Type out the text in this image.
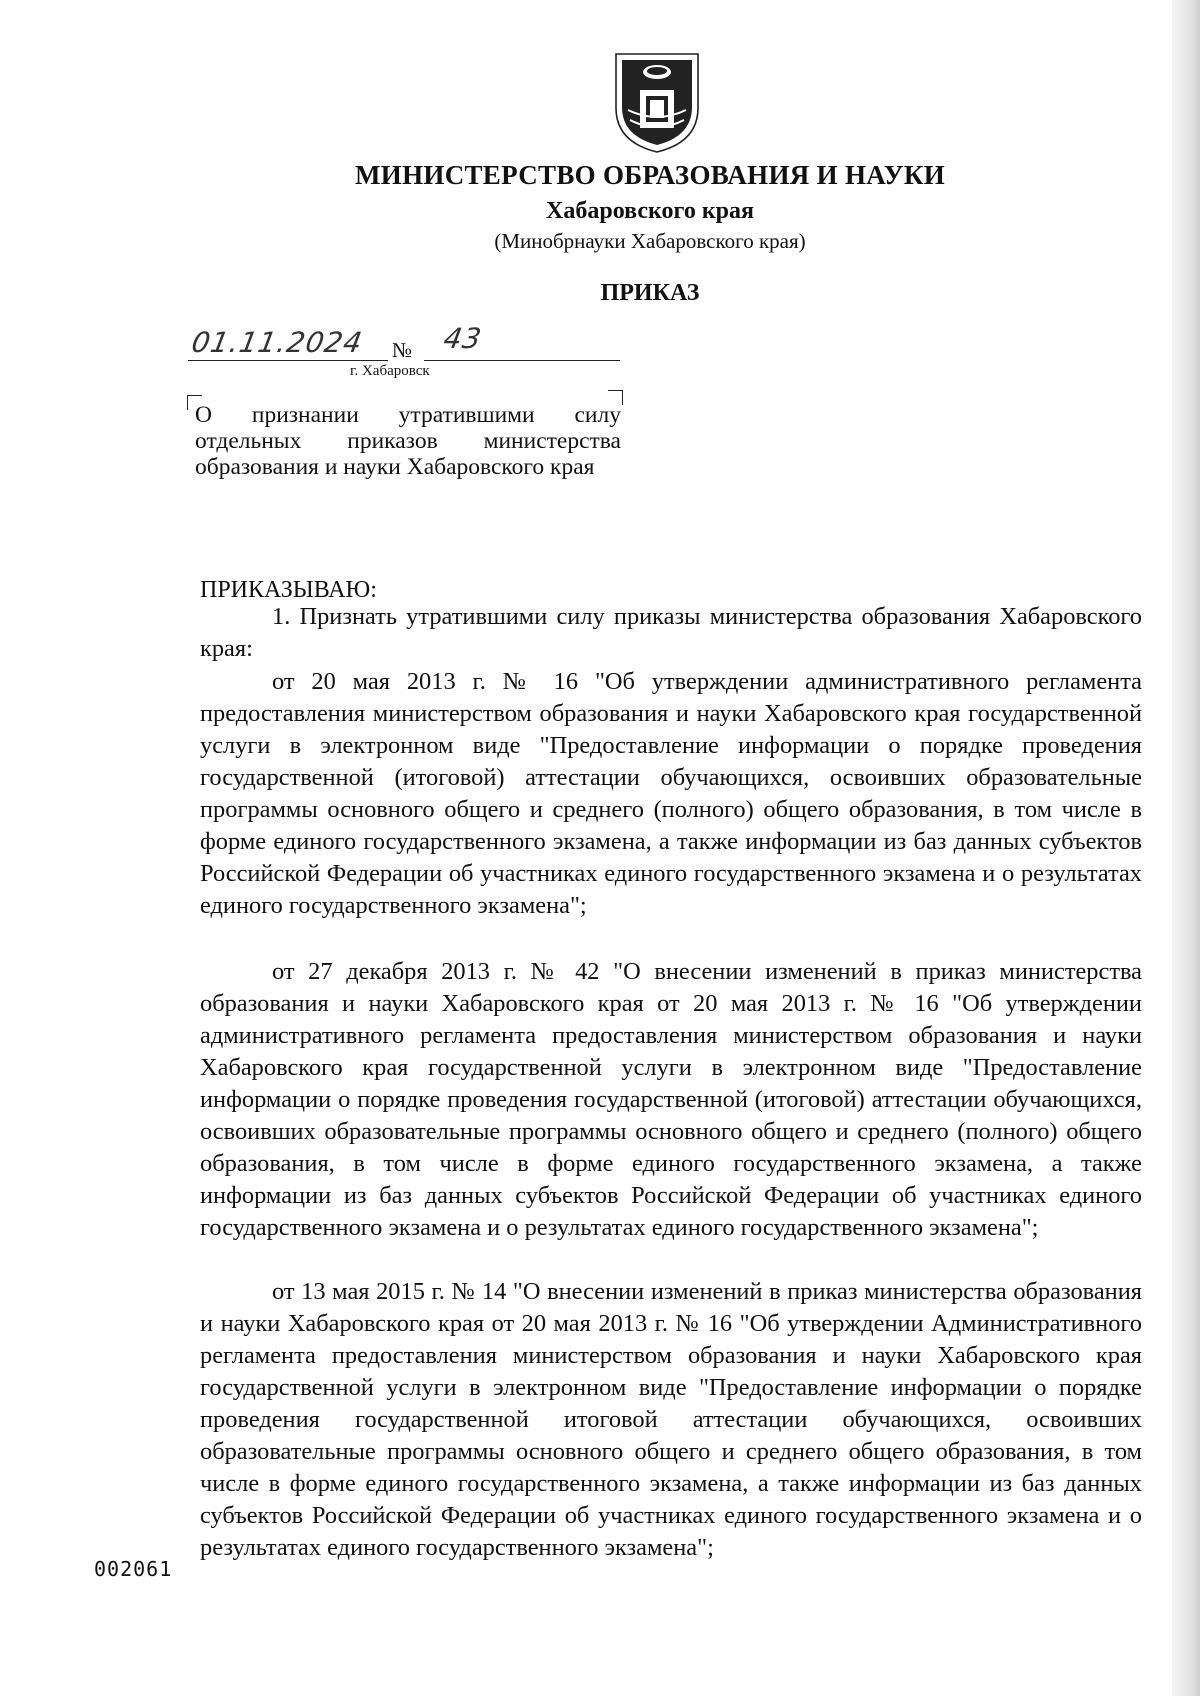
МИНИСТЕРСТВО ОБРАЗОВАНИЯ И НАУКИ
Хабаровского края
(Минобрнауки Хабаровского края)
ПРИКАЗ
01.11.2024 № 43
г. Хабаровск
О признании утратившими силу отдельных приказов министерства образования и науки Хабаровского края
ПРИКАЗЫВАЮ:

1. Признать утратившими силу приказы министерства образования Хабаровского края:

от 20 мая 2013 г. № 16 "Об утверждении административного регламента предоставления министерством образования и науки Хабаровского края государственной услуги в электронном виде "Предоставление информации о порядке проведения государственной (итоговой) аттестации обучающихся, освоивших образовательные программы основного общего и среднего (полного) общего образования, в том числе в форме единого государственного экзамена, а также информации из баз данных субъектов Российской Федерации об участниках единого государственного экзамена и о результатах единого государственного экзамена";

от 27 декабря 2013 г. № 42 "О внесении изменений в приказ министерства образования и науки Хабаровского края от 20 мая 2013 г. № 16 "Об утверждении административного регламента предоставления министерством образования и науки Хабаровского края государственной услуги в электронном виде "Предоставление информации о порядке проведения государственной (итоговой) аттестации обучающихся, освоивших образовательные программы основного общего и среднего (полного) общего образования, в том числе в форме единого государственного экзамена, а также информации из баз данных субъектов Российской Федерации об участниках единого государственного экзамена и о результатах единого государственного экзамена";

от 13 мая 2015 г. № 14 "О внесении изменений в приказ министерства образования и науки Хабаровского края от 20 мая 2013 г. № 16 "Об утверждении Административного регламента предоставления министерством образования и науки Хабаровского края государственной услуги в электронном виде "Предоставление информации о порядке проведения государственной итоговой аттестации обучающихся, освоивших образовательные программы основного общего и среднего общего образования, в том числе в форме единого государственного экзамена, а также информации из баз данных субъектов Российской Федерации об участниках единого государственного экзамена и о результатах единого государственного экзамена";

002061
